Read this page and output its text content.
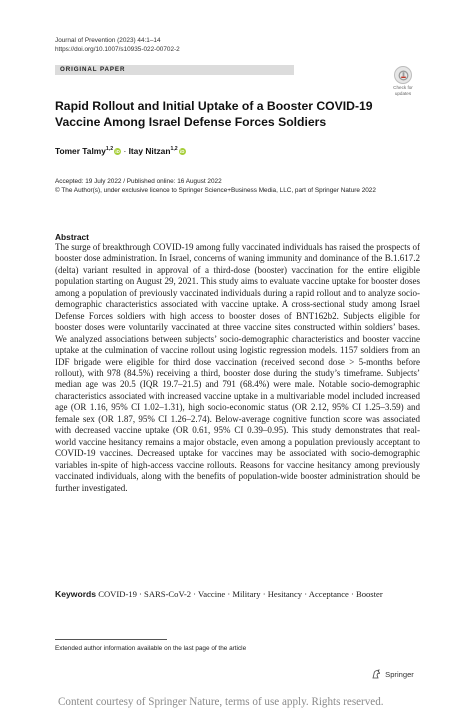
Journal of Prevention (2023) 44:1–14
https://doi.org/10.1007/s10935-022-00702-2
ORIGINAL PAPER
Check for
updates
Rapid Rollout and Initial Uptake of a Booster COVID-19 Vaccine Among Israel Defense Forces Soldiers
Tomer Talmy$^{1,2}$ iD · Itay Nitzan$^{1,2}$ iD
Accepted: 19 July 2022 / Published online: 16 August 2022
© The Author(s), under exclusive licence to Springer Science+Business Media, LLC, part of Springer Nature 2022
Abstract

The surge of breakthrough COVID-19 among fully vaccinated individuals has raised the prospects of booster dose administration. In Israel, concerns of waning immunity and dominance of the B.1.617.2 (delta) variant resulted in approval of a third-dose (booster) vaccination for the entire eligible population starting on August 29, 2021. This study aims to evaluate vaccine uptake for booster doses among a population of previously vaccinated individuals during a rapid rollout and to analyze socio-demographic characteristics associated with vaccine uptake. A cross-sectional study among Israel Defense Forces soldiers with high access to booster doses of BNT162b2. Subjects eligible for booster doses were voluntarily vaccinated at three vaccine sites constructed within soldiers’ bases. We analyzed associations between subjects’ socio-demographic characteristics and booster vaccine uptake at the culmination of vaccine rollout using logistic regression models. 1157 soldiers from an IDF brigade were eligible for third dose vaccination (received second dose > 5-months before rollout), with 978 (84.5%) receiving a third, booster dose during the study’s timeframe. Subjects’ median age was 20.5 (IQR 19.7–21.5) and 791 (68.4%) were male. Notable socio-demographic characteristics associated with increased vaccine uptake in a multivariable model included increased age (OR 1.16, 95% CI 1.02–1.31), high socio-economic status (OR 2.12, 95% CI 1.25–3.59) and female sex (OR 1.87, 95% CI 1.26–2.74). Below-average cognitive function score was associated with decreased vaccine uptake (OR 0.61, 95% CI 0.39–0.95). This study demonstrates that real-world vaccine hesitancy remains a major obstacle, even among a population previously acceptant to COVID-19 vaccines. Decreased uptake for vaccines may be associated with socio-demographic variables in-spite of high-access vaccine rollouts. Reasons for vaccine hesitancy among previously vaccinated individuals, along with the benefits of population-wide booster administration should be further investigated.

Keywords COVID-19 · SARS-CoV-2 · Vaccine · Military · Hesitancy · Acceptance · Booster
Extended author information available on the last page of the article
Springer
Content courtesy of Springer Nature, terms of use apply. Rights reserved.
